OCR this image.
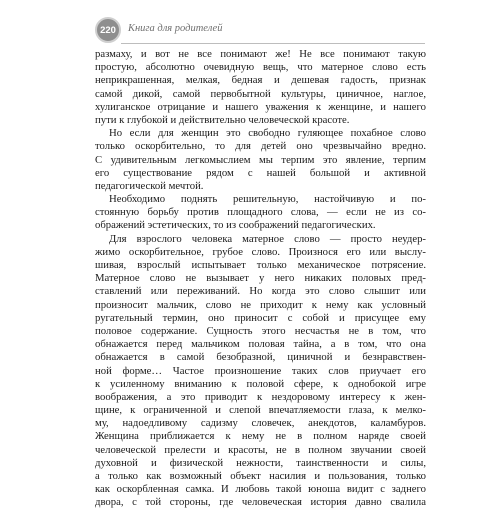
220	Книга для родителей
размаху, и вот не все понимают же! Не все понимают такую
простую, абсолютно очевидную вещь, что матерное слово есть
неприкрашенная, мелкая, бедная и дешевая гадость, признак
самой дикой, самой первобытной культуры, циничное, наглое,
хулиганское отрицание и нашего уважения к женщине, и нашего
пути к глубокой и действительно человеческой красоте.
Но если для женщин это свободно гуляющее похабное слово
только оскорбительно, то для детей оно чрезвычайно вредно.
С удивительным легкомыслием мы терпим это явление, терпим
его существование рядом с нашей большой и активной
педагогической мечтой.
Необходимо поднять решительную, настойчивую и по-
стоянную борьбу против площадного слова, — если не из со-
ображений эстетических, то из соображений педагогических.
Для взрослого человека матерное слово — просто неудер-
жимо оскорбительное, грубое слово. Произнося его или выслу-
шивая, взрослый испытывает только механическое потрясение.
Матерное слово не вызывает у него никаких половых пред-
ставлений или переживаний. Но когда это слово слышит или
произносит мальчик, слово не приходит к нему как условный
ругательный термин, оно приносит с собой и присущее ему
половое содержание. Сущность этого несчастья не в том, что
обнажается перед мальчиком половая тайна, а в том, что она
обнажается в самой безобразной, циничной и безнравствен-
ной форме… Частое произношение таких слов приучает его
к усиленному вниманию к половой сфере, к однобокой игре
воображения, а это приводит к нездоровому интересу к жен-
щине, к ограниченной и слепой впечатляемости глаза, к мелко-
му, надоедливому садизму словечек, анекдотов, каламбуров.
Женщина приближается к нему не в полном наряде своей
человеческой прелести и красоты, не в полном звучании своей
духовной и физической нежности, таинственности и силы,
а только как возможный объект насилия и пользования, только
как оскорбленная самка. И любовь такой юноша видит с заднего
двора, с той стороны, где человеческая история давно свалила
